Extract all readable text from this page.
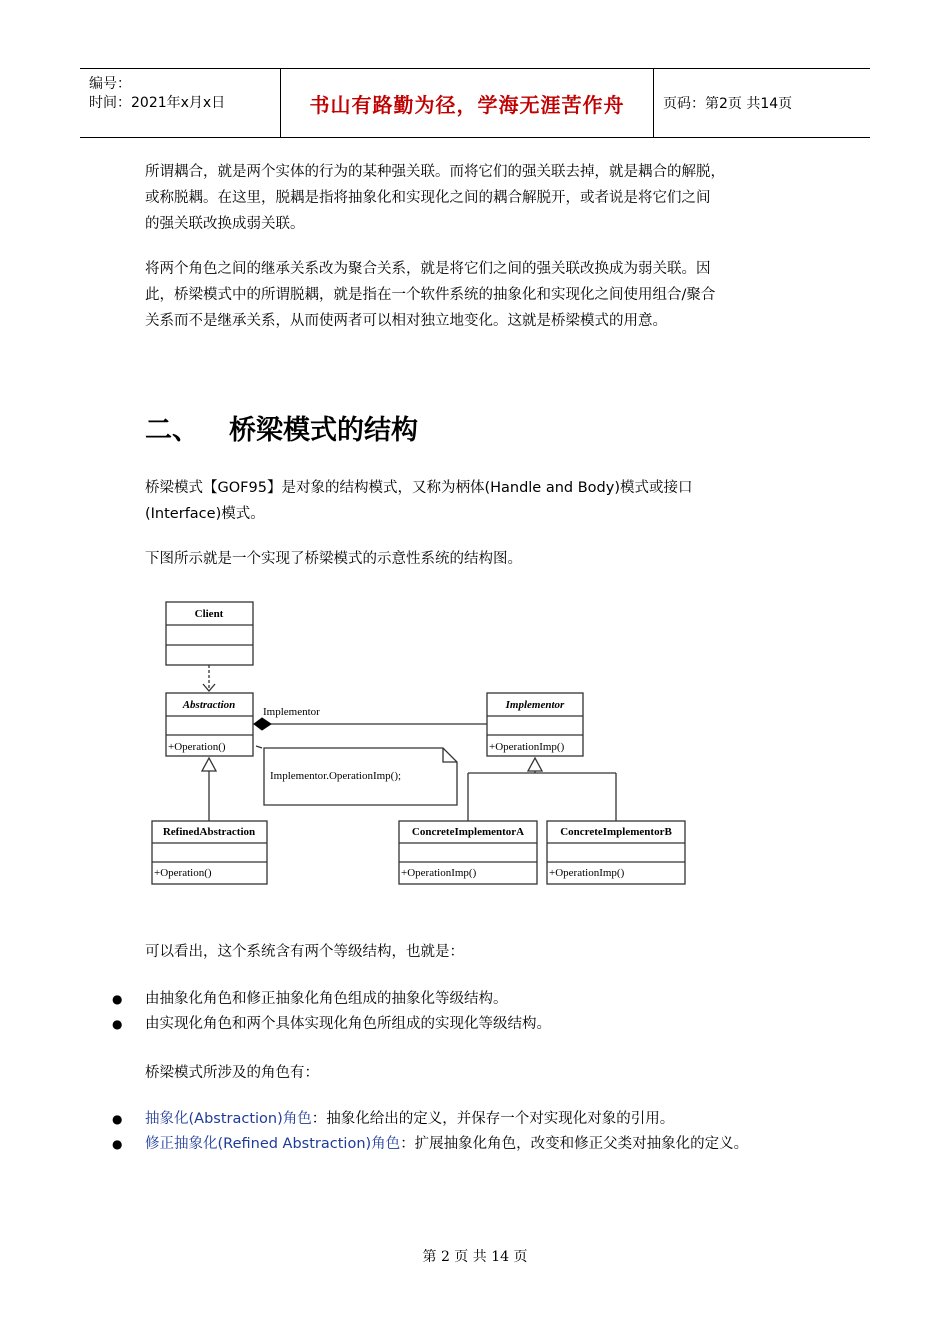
编号：
时间：2021年x月x日	书山有路勤为径，学海无涯苦作舟	页码：第2页 共14页
所谓耦合，就是两个实体的行为的某种强关联。而将它们的强关联去掉，就是耦合的解脱，
或称脱耦。在这里，脱耦是指将抽象化和实现化之间的耦合解脱开，或者说是将它们之间
的强关联改换成弱关联。
将两个角色之间的继承关系改为聚合关系，就是将它们之间的强关联改换成为弱关联。因
此，桥梁模式中的所谓脱耦，就是指在一个软件系统的抽象化和实现化之间使用组合/聚合
关系而不是继承关系，从而使两者可以相对独立地变化。这就是桥梁模式的用意。
二、 桥梁模式的结构
桥梁模式【GOF95】是对象的结构模式，又称为柄体(Handle and Body)模式或接口
(Interface)模式。
下图所示就是一个实现了桥梁模式的示意性系统的结构图。
Client
Abstraction
+Operation()
Implementor
Implementor
+OperationImp()
Implementor.OperationImp();
RefinedAbstraction
+Operation()
ConcreteImplementorA
+OperationImp()
ConcreteImplementorB
+OperationImp()
可以看出，这个系统含有两个等级结构，也就是：
● 由抽象化角色和修正抽象化角色组成的抽象化等级结构。
● 由实现化角色和两个具体实现化角色所组成的实现化等级结构。
桥梁模式所涉及的角色有：
● 抽象化(Abstraction)角色：抽象化给出的定义，并保存一个对实现化对象的引用。
● 修正抽象化(Refined Abstraction)角色：扩展抽象化角色，改变和修正父类对抽象化的定义。
第 2 页 共 14 页
